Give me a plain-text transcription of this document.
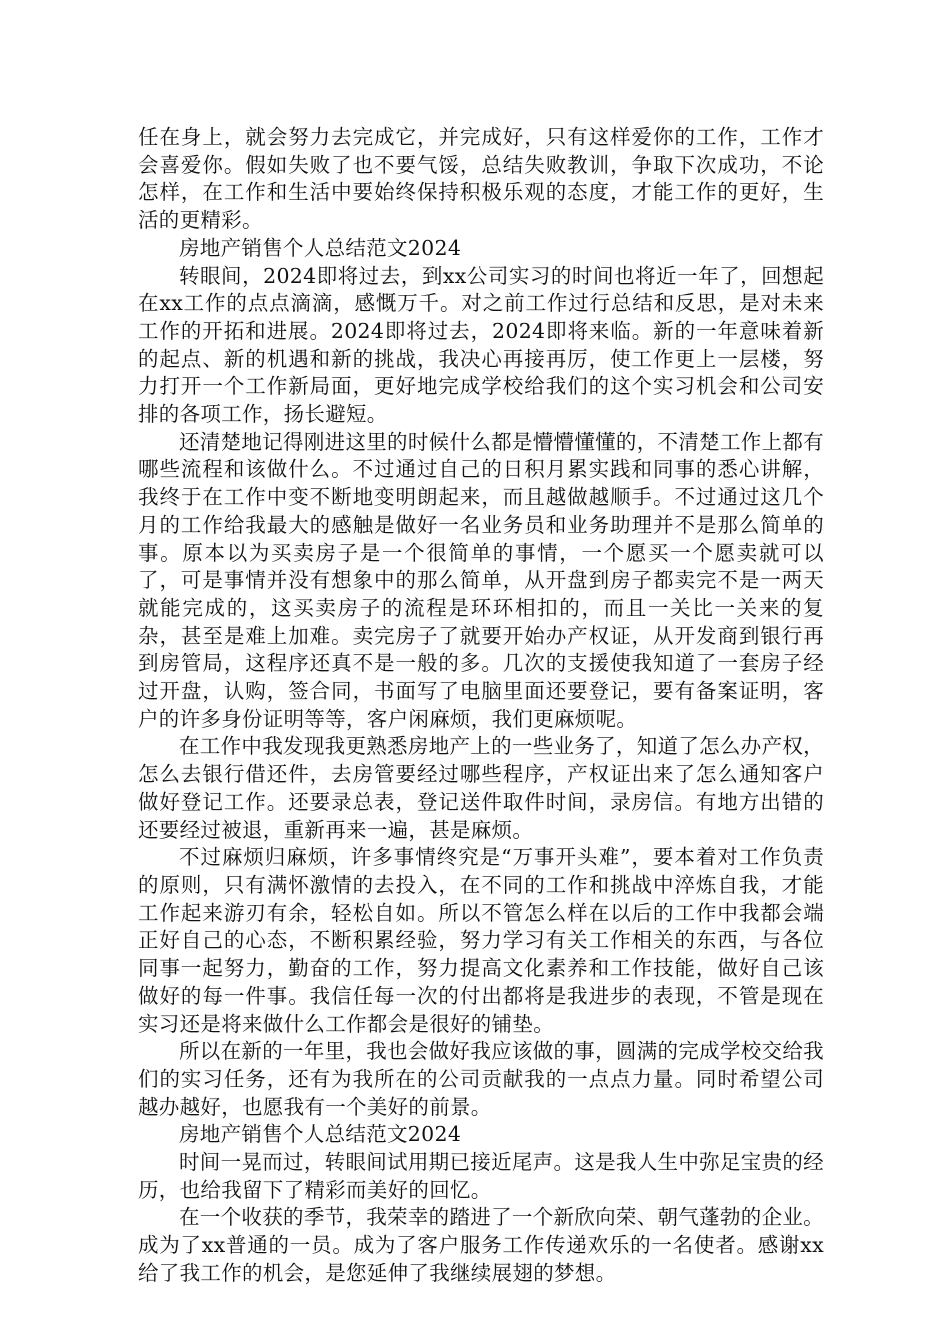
任在身上，就会努力去完成它，并完成好，只有这样爱你的工作，工作才会喜爱你。假如失败了也不要气馁，总结失败教训，争取下次成功，不论怎样，在工作和生活中要始终保持积极乐观的态度，才能工作的更好，生活的更精彩。

房地产销售个人总结范文2024

转眼间，2024即将过去，到xx公司实习的时间也将近一年了，回想起在xx工作的点点滴滴，感慨万千。对之前工作过行总结和反思，是对未来工作的开拓和进展。2024即将过去，2024即将来临。新的一年意味着新的起点、新的机遇和新的挑战，我决心再接再厉，使工作更上一层楼，努力打开一个工作新局面，更好地完成学校给我们的这个实习机会和公司安排的各项工作，扬长避短。

还清楚地记得刚进这里的时候什么都是懵懵懂懂的，不清楚工作上都有哪些流程和该做什么。不过通过自己的日积月累实践和同事的悉心讲解，我终于在工作中变不断地变明朗起来，而且越做越顺手。不过通过这几个月的工作给我最大的感触是做好一名业务员和业务助理并不是那么简单的事。原本以为买卖房子是一个很简单的事情，一个愿买一个愿卖就可以了，可是事情并没有想象中的那么简单，从开盘到房子都卖完不是一两天就能完成的，这买卖房子的流程是环环相扣的，而且一关比一关来的复杂，甚至是难上加难。卖完房子了就要开始办产权证，从开发商到银行再到房管局，这程序还真不是一般的多。几次的支援使我知道了一套房子经过开盘，认购，签合同，书面写了电脑里面还要登记，要有备案证明，客户的许多身份证明等等，客户闲麻烦，我们更麻烦呢。

在工作中我发现我更熟悉房地产上的一些业务了，知道了怎么办产权，怎么去银行借还件，去房管要经过哪些程序，产权证出来了怎么通知客户做好登记工作。还要录总表，登记送件取件时间，录房信。有地方出错的还要经过被退，重新再来一遍，甚是麻烦。

不过麻烦归麻烦，许多事情终究是“万事开头难”，要本着对工作负责的原则，只有满怀激情的去投入，在不同的工作和挑战中淬炼自我，才能工作起来游刃有余，轻松自如。所以不管怎么样在以后的工作中我都会端正好自己的心态，不断积累经验，努力学习有关工作相关的东西，与各位同事一起努力，勤奋的工作，努力提高文化素养和工作技能，做好自己该做好的每一件事。我信任每一次的付出都将是我进步的表现，不管是现在实习还是将来做什么工作都会是很好的铺垫。

所以在新的一年里，我也会做好我应该做的事，圆满的完成学校交给我们的实习任务，还有为我所在的公司贡献我的一点点力量。同时希望公司越办越好，也愿我有一个美好的前景。

房地产销售个人总结范文2024

时间一晃而过，转眼间试用期已接近尾声。这是我人生中弥足宝贵的经历，也给我留下了精彩而美好的回忆。

在一个收获的季节，我荣幸的踏进了一个新欣向荣、朝气蓬勃的企业。成为了xx普通的一员。成为了客户服务工作传递欢乐的一名使者。感谢xx给了我工作的机会，是您延伸了我继续展翅的梦想。
